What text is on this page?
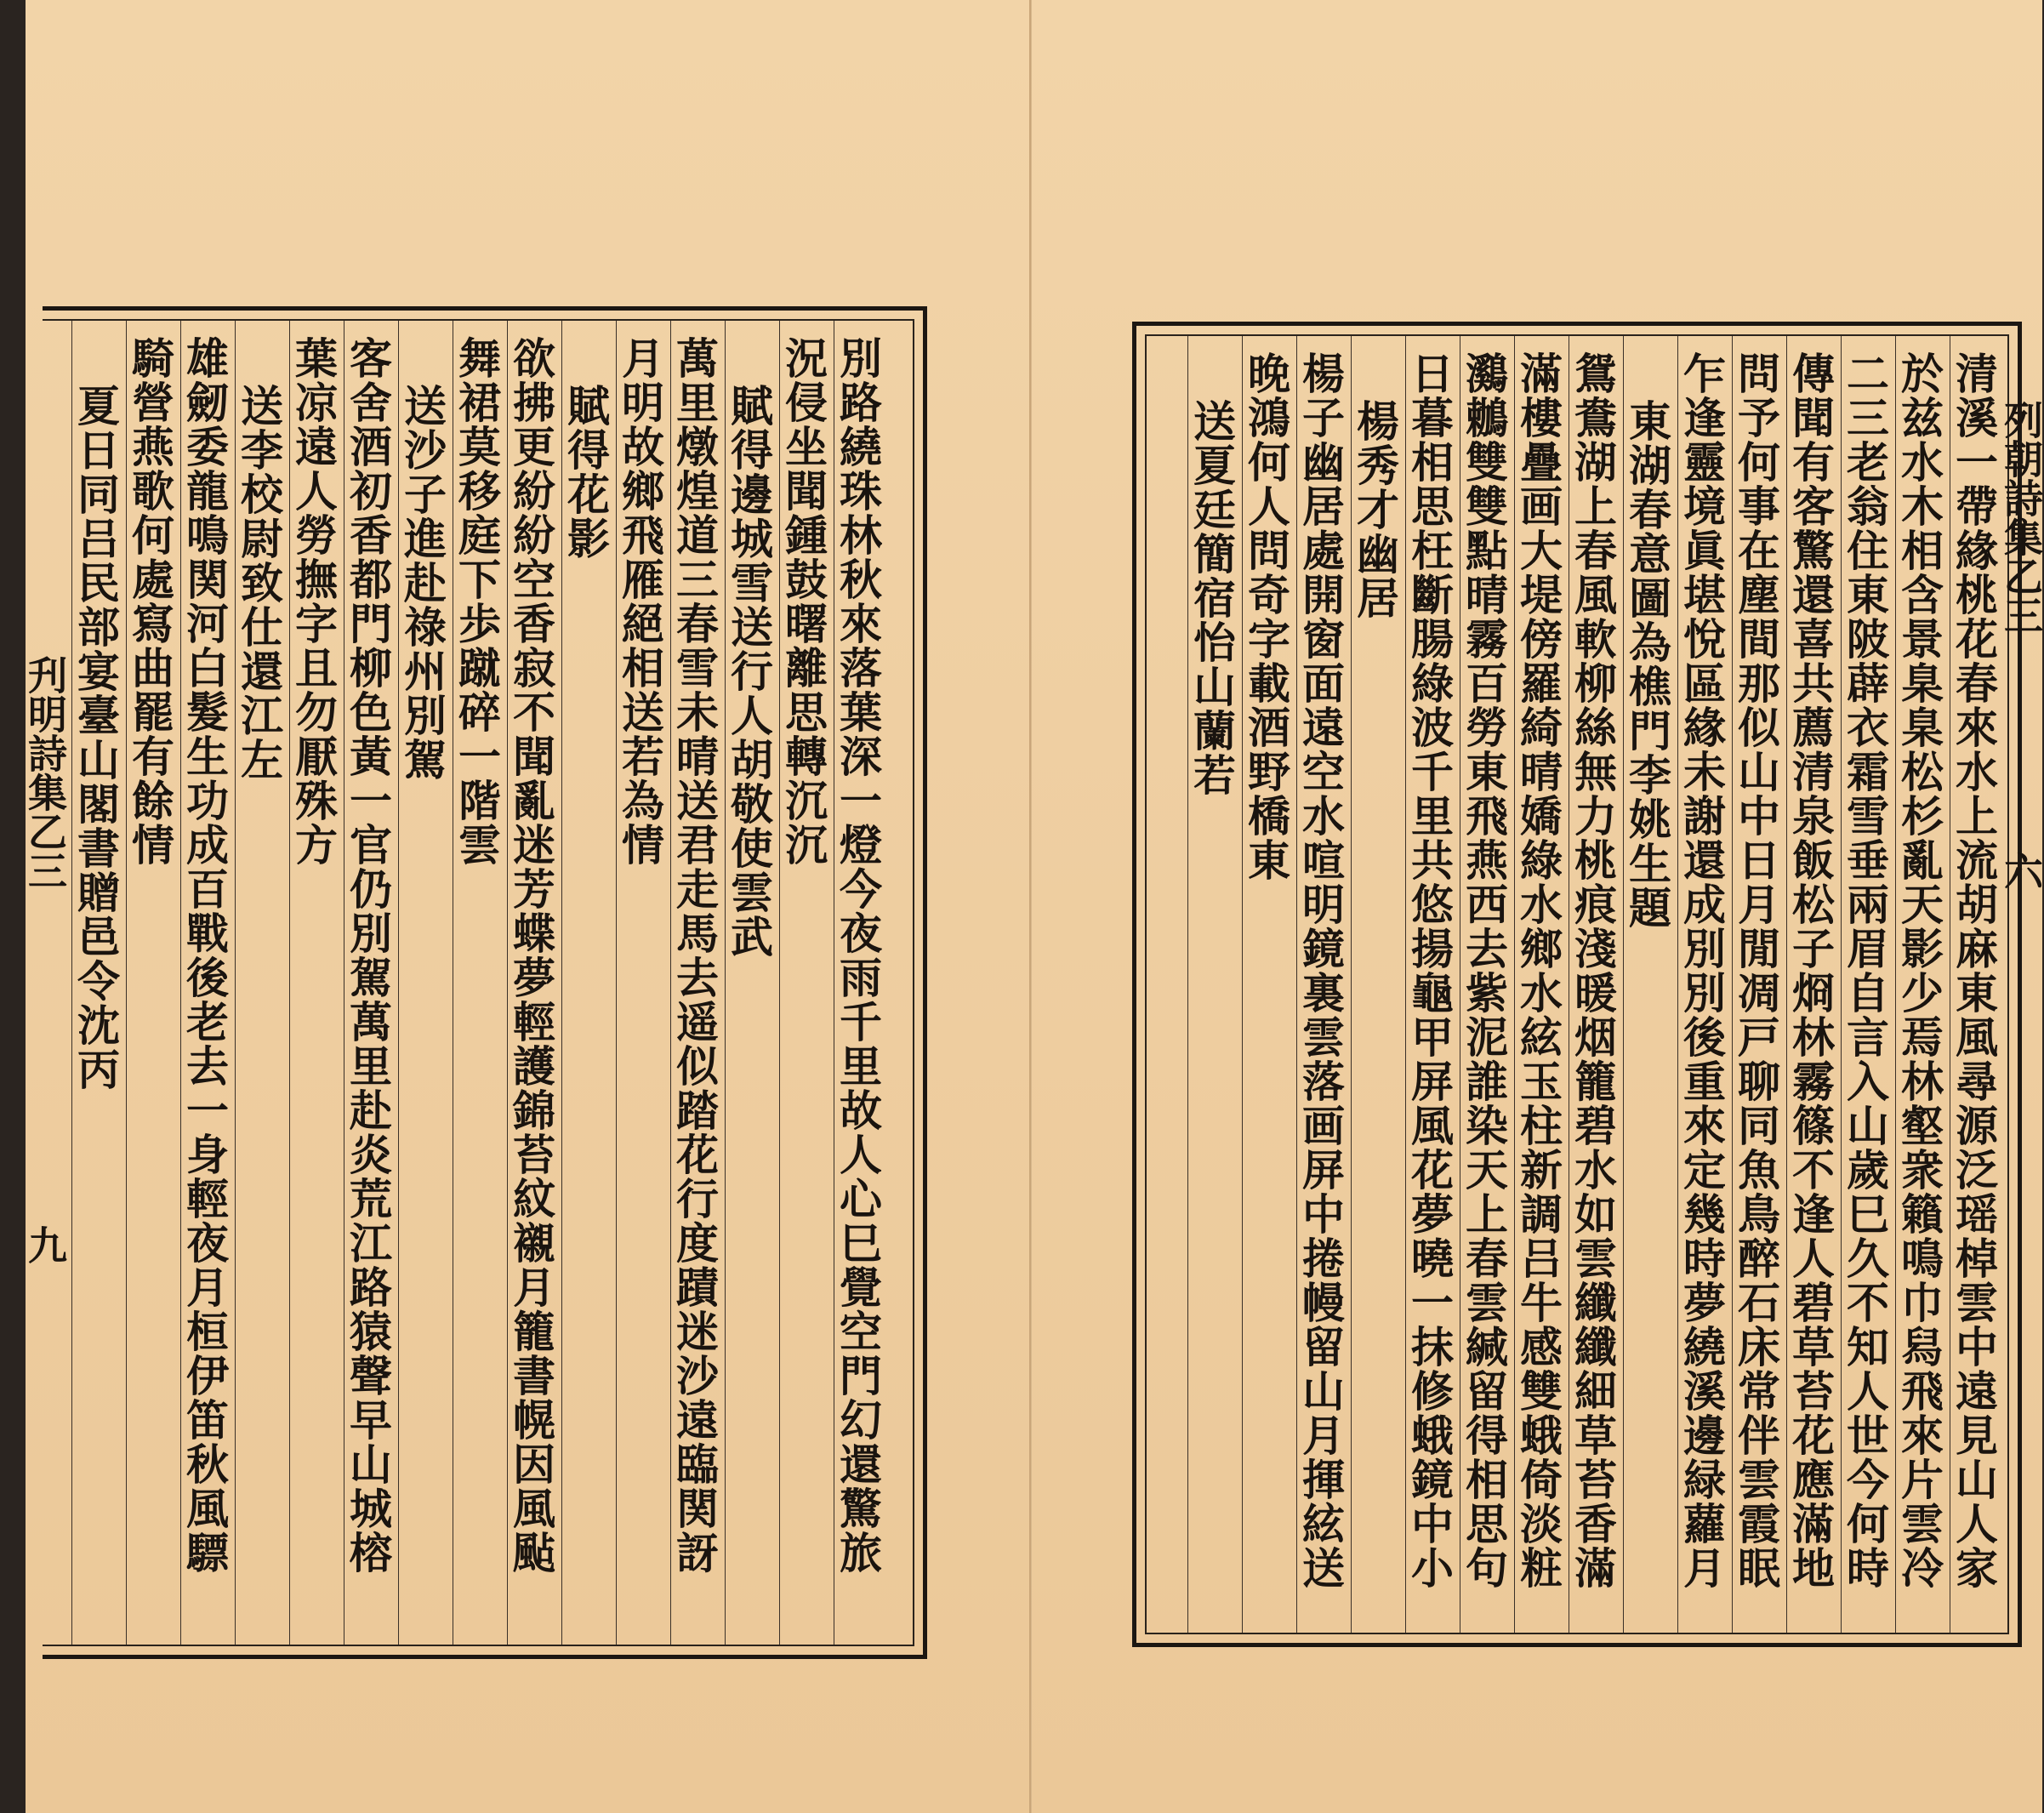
刋明詩集乙三
九	別路繞珠林秋來落葉深一燈今夜雨千里故人心巳覺空門幻還驚旅
況侵坐聞鍾鼓曙離思轉沉沉
賦得邊城雪送行人胡敬使雲武
萬里燉煌道三春雪未晴送君走馬去遥似踏花行度蹟迷沙遠臨関訝
月明故鄉飛雁絕相送若為情
賦得花影
欲拂更紛紛空香寂不聞亂迷芳蝶夢輕護錦苔紋襯月籠書幌因風颭
舞裙莫移庭下歩蹴碎一階雲
送沙子進赴祿州別駕
客舍酒初香都門柳色黃一官仍別駕萬里赴炎荒江路猿聲早山城榕
葉凉遠人勞撫字且勿厭殊方
送李校尉致仕還江左
雄劒委龍鳴関河白髮生功成百戰後老去一身輕夜月桓伊笛秋風驃
騎營燕歌何處寫曲罷有餘情
夏日同吕民部宴臺山閣書贈邑令沈丙	清溪一帶緣桃花春來水上流胡麻東風尋源泛瑶棹雲中遠見山人家
於兹水木相含景臬臬松杉亂天影少焉林壑衆籟鳴巾舄飛來片雲冷
二三老翁住東陂薜衣霜雪垂兩眉自言入山歲巳久不知人世今何時
傳聞有客驚還喜共薦清泉飯松子烱林霧篠不逢人碧草苔花應滿地
問予何事在塵間那似山中日月閒凋戸聊同魚鳥醉石床常伴雲霞眠
乍逢靈境眞堪悅區緣未謝還成別別後重來定幾時夢繞溪邊緑蘿月
東湖春意圖為樵門李姚生題
鴛鴦湖上春風軟柳絲無力桃痕淺暖烟籠碧水如雲纖纖細草苔香滿
滿樓疊画大堤傍羅綺晴嬌綠水鄉水絃玉柱新調吕牛感雙蛾倚淡粧
鸂鶒雙雙點晴霧百勞東飛燕西去紫泥誰染天上春雲緘留得相思句
日暮相思枉斷腸綠波千里共悠揚龜甲屏風花夢曉一抹修蛾鏡中小
楊秀才幽居
楊子幽居處開窗面遠空水喧明鏡裏雲落画屏中捲幔留山月揮絃送
晚鴻何人問奇字載酒野橋東
送夏廷簡宿怡山蘭若	列朝詩集乙三
六
